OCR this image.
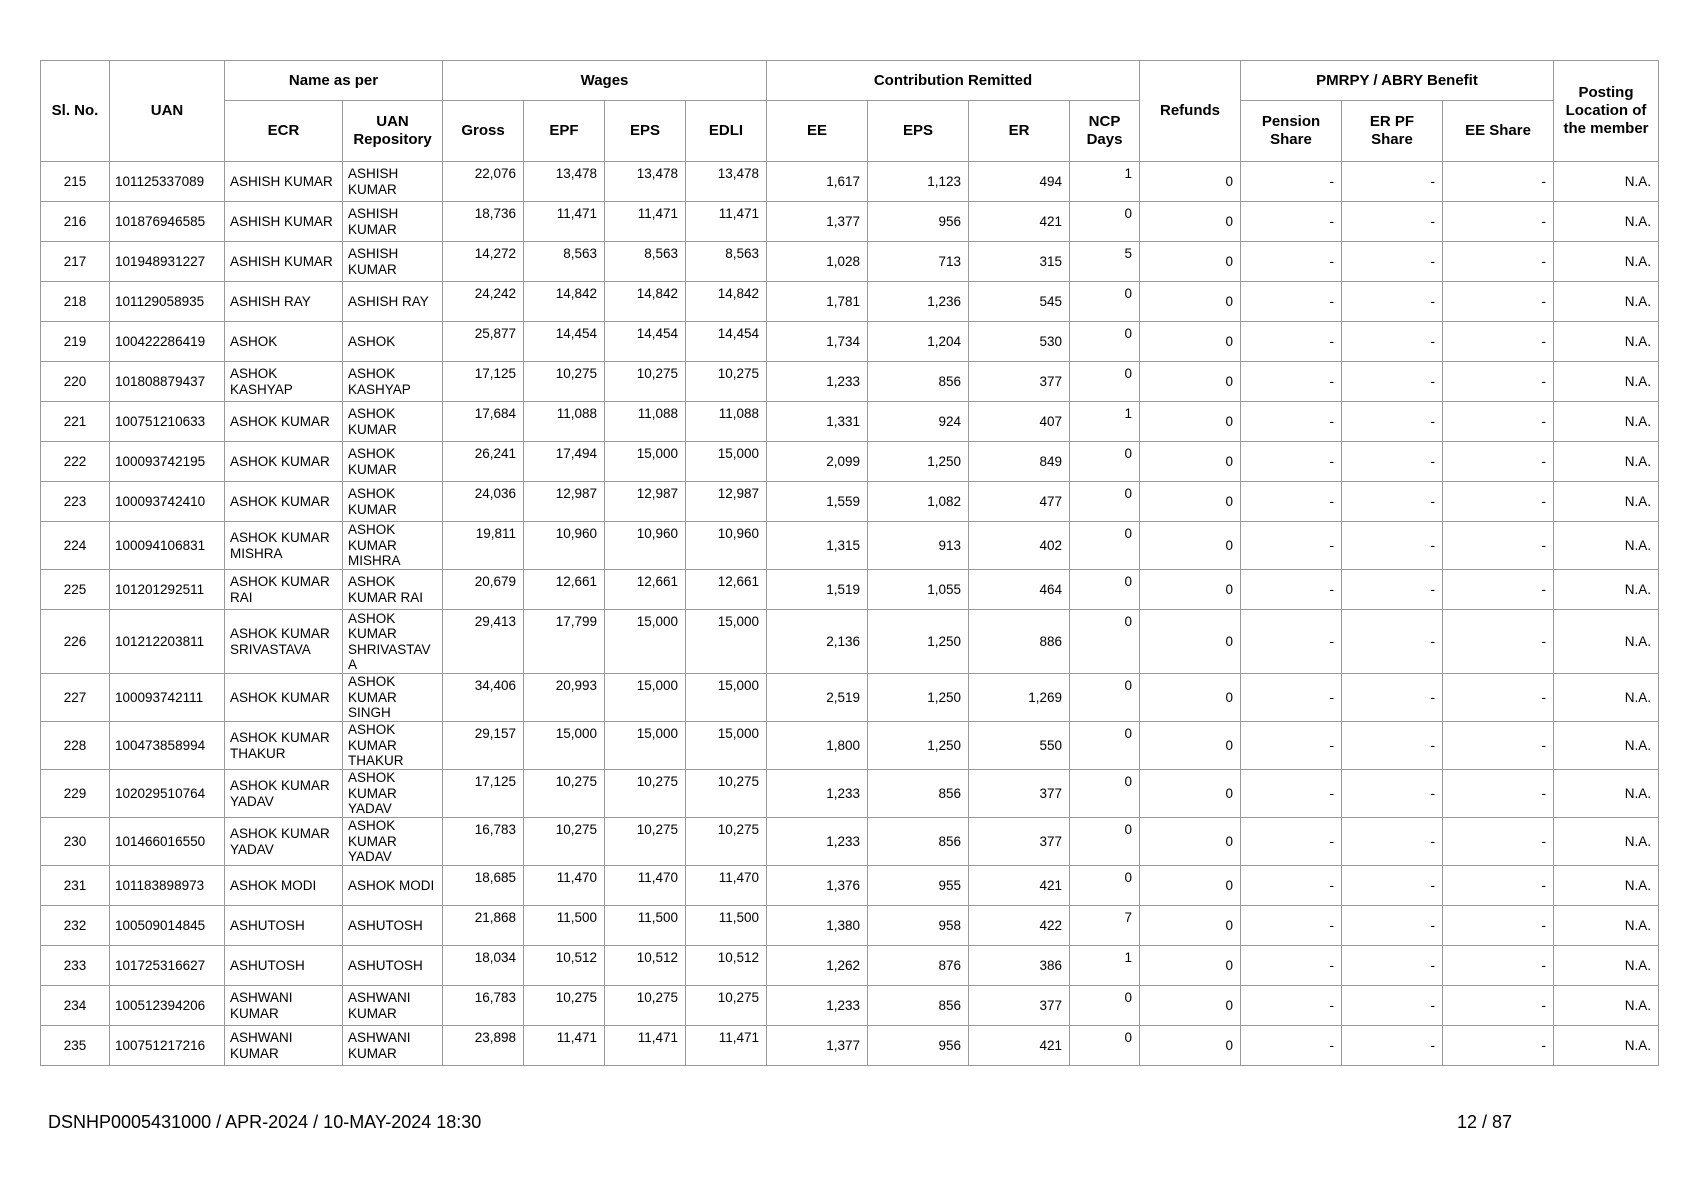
Sl. No.	UAN	Name as per		Wages				Contribution Remitted				Refunds	PMRPY / ABRY Benefit			Posting Location of the member
		ECR	UAN Repository	Gross	EPF	EPS	EDLI	EE	EPS	ER	NCP Days		Pension Share	ER PF Share	EE Share	
215	101125337089	ASHISH KUMAR	ASHISH KUMAR	22,076	13,478	13,478	13,478	1,617	1,123	494	1	0	-	-	-	N.A.
216	101876946585	ASHISH KUMAR	ASHISH KUMAR	18,736	11,471	11,471	11,471	1,377	956	421	0	0	-	-	-	N.A.
217	101948931227	ASHISH KUMAR	ASHISH KUMAR	14,272	8,563	8,563	8,563	1,028	713	315	5	0	-	-	-	N.A.
218	101129058935	ASHISH RAY	ASHISH RAY	24,242	14,842	14,842	14,842	1,781	1,236	545	0	0	-	-	-	N.A.
219	100422286419	ASHOK	ASHOK	25,877	14,454	14,454	14,454	1,734	1,204	530	0	0	-	-	-	N.A.
220	101808879437	ASHOK KASHYAP	ASHOK KASHYAP	17,125	10,275	10,275	10,275	1,233	856	377	0	0	-	-	-	N.A.
221	100751210633	ASHOK KUMAR	ASHOK KUMAR	17,684	11,088	11,088	11,088	1,331	924	407	1	0	-	-	-	N.A.
222	100093742195	ASHOK KUMAR	ASHOK KUMAR	26,241	17,494	15,000	15,000	2,099	1,250	849	0	0	-	-	-	N.A.
223	100093742410	ASHOK KUMAR	ASHOK KUMAR	24,036	12,987	12,987	12,987	1,559	1,082	477	0	0	-	-	-	N.A.
224	100094106831	ASHOK KUMAR MISHRA	ASHOK KUMAR MISHRA	19,811	10,960	10,960	10,960	1,315	913	402	0	0	-	-	-	N.A.
225	101201292511	ASHOK KUMAR RAI	ASHOK KUMAR RAI	20,679	12,661	12,661	12,661	1,519	1,055	464	0	0	-	-	-	N.A.
226	101212203811	ASHOK KUMAR SRIVASTAVA	ASHOK KUMAR SHRIVASTAV A	29,413	17,799	15,000	15,000	2,136	1,250	886	0	0	-	-	-	N.A.
227	100093742111	ASHOK KUMAR	ASHOK KUMAR SINGH	34,406	20,993	15,000	15,000	2,519	1,250	1,269	0	0	-	-	-	N.A.
228	100473858994	ASHOK KUMAR THAKUR	ASHOK KUMAR THAKUR	29,157	15,000	15,000	15,000	1,800	1,250	550	0	0	-	-	-	N.A.
229	102029510764	ASHOK KUMAR YADAV	ASHOK KUMAR YADAV	17,125	10,275	10,275	10,275	1,233	856	377	0	0	-	-	-	N.A.
230	101466016550	ASHOK KUMAR YADAV	ASHOK KUMAR YADAV	16,783	10,275	10,275	10,275	1,233	856	377	0	0	-	-	-	N.A.
231	101183898973	ASHOK MODI	ASHOK MODI	18,685	11,470	11,470	11,470	1,376	955	421	0	0	-	-	-	N.A.
232	100509014845	ASHUTOSH	ASHUTOSH	21,868	11,500	11,500	11,500	1,380	958	422	7	0	-	-	-	N.A.
233	101725316627	ASHUTOSH	ASHUTOSH	18,034	10,512	10,512	10,512	1,262	876	386	1	0	-	-	-	N.A.
234	100512394206	ASHWANI KUMAR	ASHWANI KUMAR	16,783	10,275	10,275	10,275	1,233	856	377	0	0	-	-	-	N.A.
235	100751217216	ASHWANI KUMAR	ASHWANI KUMAR	23,898	11,471	11,471	11,471	1,377	956	421	0	0	-	-	-	N.A.
DSNHP0005431000 / APR-2024 / 10-MAY-2024 18:30	12 / 87
